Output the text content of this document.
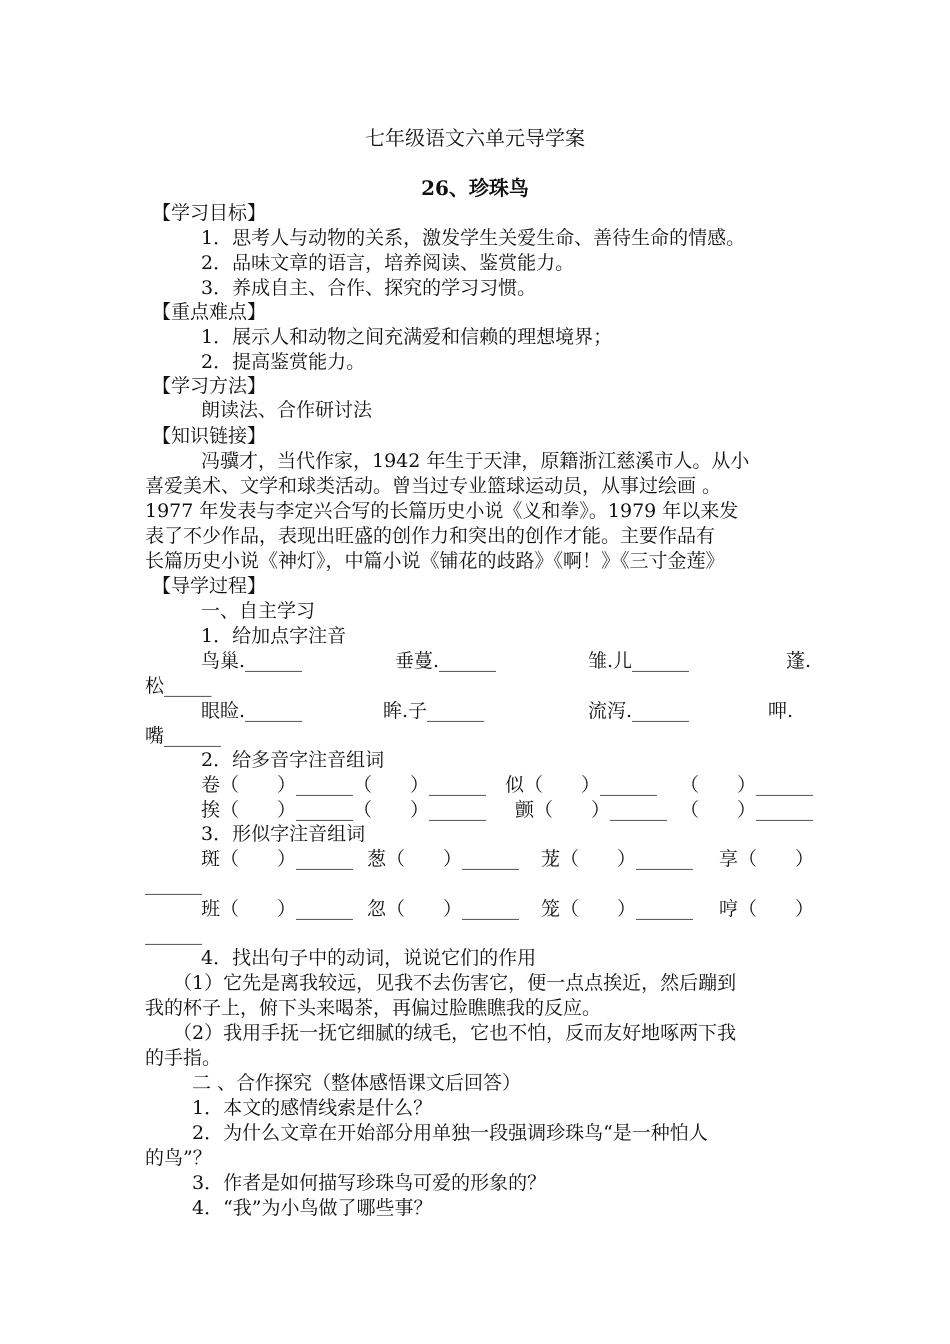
七年级语文六单元导学案
26、珍珠鸟
【学习目标】
1．思考人与动物的关系，激发学生关爱生命、善待生命的情感。
2．品味文章的语言，培养阅读、鉴赏能力。
3．养成自主、合作、探究的学习习惯。
【重点难点】
1．展示人和动物之间充满爱和信赖的理想境界；
2．提高鉴赏能力。
【学习方法】
朗读法、合作研讨法
【知识链接】
冯骥才，当代作家，1942 年生于天津，原籍浙江慈溪市人。从小
喜爱美术、文学和球类活动。曾当过专业篮球运动员，从事过绘画 。
1977 年发表与李定兴合写的长篇历史小说《义和拳》。1979 年以来发
表了不少作品，表现出旺盛的创作力和突出的创作才能。主要作品有
长篇历史小说《神灯》，中篇小说《铺花的歧路》《啊！》《三寸金莲》
【导学过程】
一、自主学习
1．给加点字注音
鸟巢.______	垂蔓.______	雏.儿______	蓬.
松_____
眼睑.______	眸.子______	流泻.______	呷.
嘴______
2．给多音字注音组词
卷（　　）______（　　）______ 似（　　）______ （　　）______
挨（　　）______（　　）______ 颤（　　）______ （　　）______
3．形似字注音组词
斑（　　）______ 葱（　　）______ 茏（　　）______ 享（　　）
______
班（　　）______ 忽（　　）______ 笼（　　）______ 哼（　　）
______
4．找出句子中的动词，说说它们的作用
（1）它先是离我较远，见我不去伤害它，便一点点挨近，然后蹦到
我的杯子上，俯下头来喝茶，再偏过脸瞧瞧我的反应。
（2）我用手抚一抚它细腻的绒毛，它也不怕，反而友好地啄两下我
的手指。
二 、合作探究（整体感悟课文后回答）
1．本文的感情线索是什么？
2．为什么文章在开始部分用单独一段强调珍珠鸟“是一种怕人
的鸟”？
3．作者是如何描写珍珠鸟可爱的形象的？
4．“我”为小鸟做了哪些事？
